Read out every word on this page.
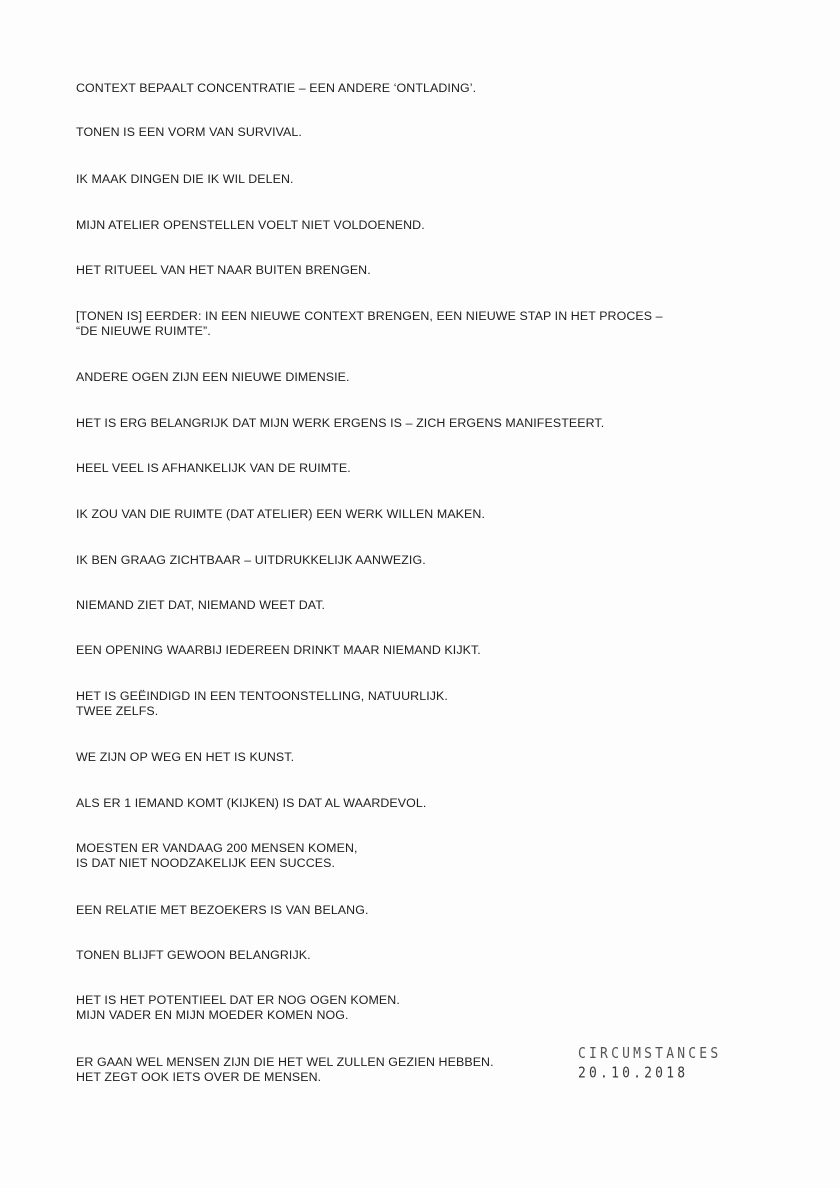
CONTEXT BEPAALT CONCENTRATIE – EEN ANDERE ‘ONTLADING’.

TONEN IS EEN VORM VAN SURVIVAL.

IK MAAK DINGEN DIE IK WIL DELEN.

MIJN ATELIER OPENSTELLEN VOELT NIET VOLDOENEND.

HET RITUEEL VAN HET NAAR BUITEN BRENGEN.

[TONEN IS] EERDER: IN EEN NIEUWE CONTEXT BRENGEN, EEN NIEUWE STAP IN HET PROCES –
“DE NIEUWE RUIMTE”.

ANDERE OGEN ZIJN EEN NIEUWE DIMENSIE.

HET IS ERG BELANGRIJK DAT MIJN WERK ERGENS IS – ZICH ERGENS MANIFESTEERT.

HEEL VEEL IS AFHANKELIJK VAN DE RUIMTE.

IK ZOU VAN DIE RUIMTE (DAT ATELIER) EEN WERK WILLEN MAKEN.

IK BEN GRAAG ZICHTBAAR – UITDRUKKELIJK AANWEZIG.

NIEMAND ZIET DAT, NIEMAND WEET DAT.

EEN OPENING WAARBIJ IEDEREEN DRINKT MAAR NIEMAND KIJKT.

HET IS GEËINDIGD IN EEN TENTOONSTELLING, NATUURLIJK.
TWEE ZELFS.

WE ZIJN OP WEG EN HET IS KUNST.

ALS ER 1 IEMAND KOMT (KIJKEN) IS DAT AL WAARDEVOL.

MOESTEN ER VANDAAG 200 MENSEN KOMEN,
IS DAT NIET NOODZAKELIJK EEN SUCCES.

EEN RELATIE MET BEZOEKERS IS VAN BELANG.

TONEN BLIJFT GEWOON BELANGRIJK.

HET IS HET POTENTIEEL DAT ER NOG OGEN KOMEN.
MIJN VADER EN MIJN MOEDER KOMEN NOG.

ER GAAN WEL MENSEN ZIJN DIE HET WEL ZULLEN GEZIEN HEBBEN.
HET ZEGT OOK IETS OVER DE MENSEN.

CIRCUMSTANCES
20.10.2018
